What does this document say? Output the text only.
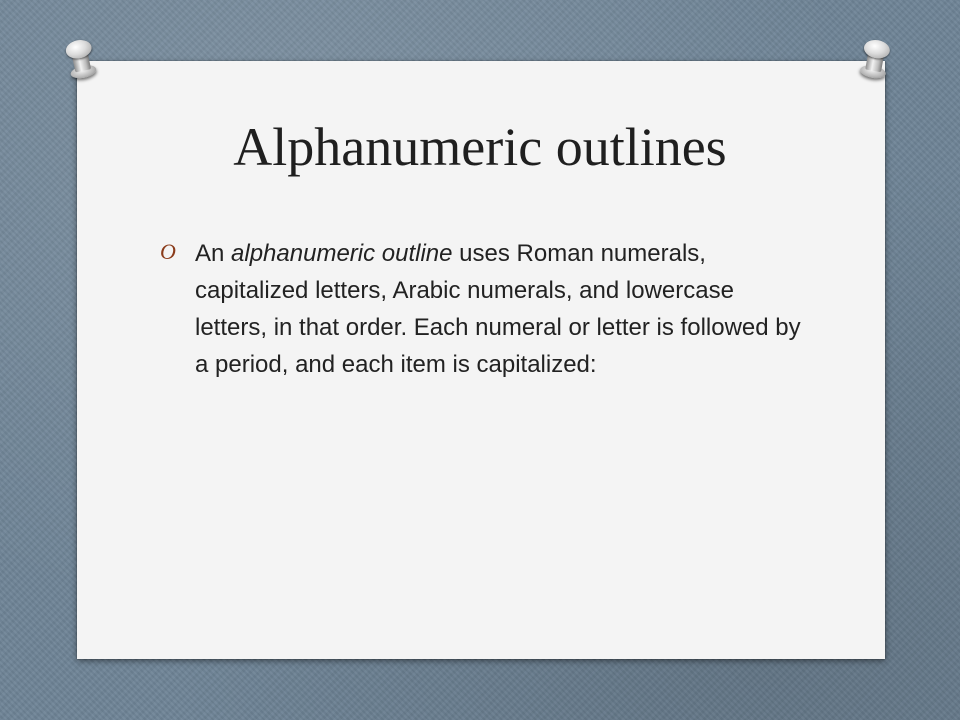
Alphanumeric outlines
O An alphanumeric outline uses Roman numerals, capitalized letters, Arabic numerals, and lowercase letters, in that order. Each numeral or letter is followed by a period, and each item is capitalized:
